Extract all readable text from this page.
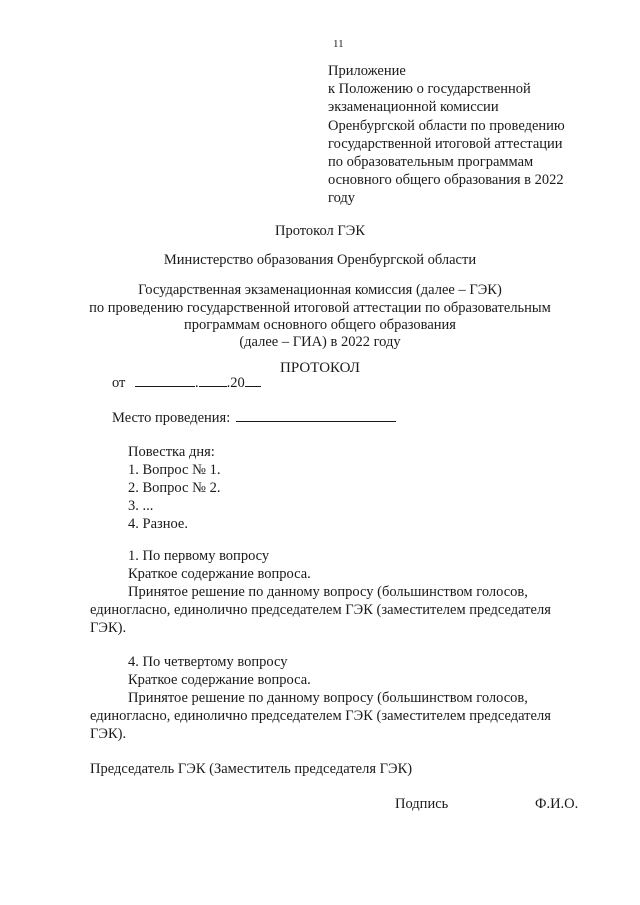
11
Приложение
к Положению о государственной
экзаменационной комиссии
Оренбургской области по проведению
государственной итоговой аттестации
по образовательным программам
основного общего образования в 2022
году
Протокол ГЭК
Министерство образования Оренбургской области
Государственная экзаменационная комиссия (далее – ГЭК)
по проведению государственной итоговой аттестации по образовательным
программам основного общего образования
(далее – ГИА) в 2022 году
ПРОТОКОЛ
от	. .20
Место проведения:
Повестка дня:
1. Вопрос № 1.
2. Вопрос № 2.
3. ...
4. Разное.
1. По первому вопросу
Краткое содержание вопроса.
Принятое решение по данному вопросу (большинством голосов,
единогласно, единолично председателем ГЭК (заместителем председателя
ГЭК).
4. По четвертому вопросу
Краткое содержание вопроса.
Принятое решение по данному вопросу (большинством голосов,
единогласно, единолично председателем ГЭК (заместителем председателя
ГЭК).
Председатель ГЭК (Заместитель председателя ГЭК)
Подпись	Ф.И.О.
